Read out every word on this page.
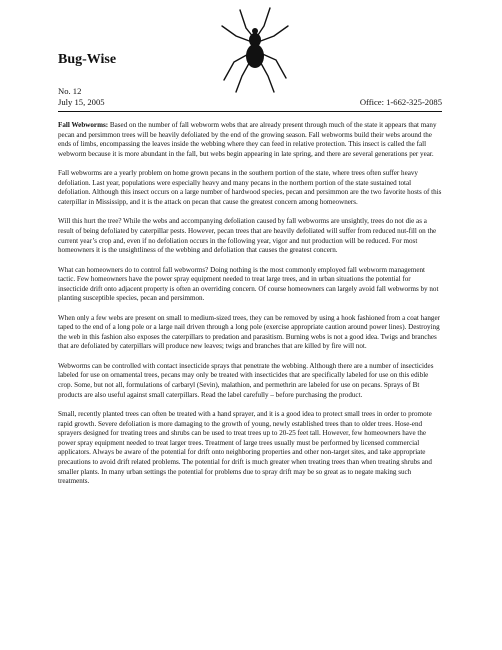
Bug-Wise
No. 12
July 15, 2005	Office: 1-662-325-2085

Fall Webworms: Based on the number of fall webworm webs that are already present through much of the state it appears that many pecan and persimmon trees will be heavily defoliated by the end of the growing season. Fall webworms build their webs around the ends of limbs, encompassing the leaves inside the webbing where they can feed in relative protection. This insect is called the fall webworm because it is more abundant in the fall, but webs begin appearing in late spring, and there are several generations per year.

Fall webworms are a yearly problem on home grown pecans in the southern portion of the state, where trees often suffer heavy defoliation. Last year, populations were especially heavy and many pecans in the northern portion of the state sustained total defoliation. Although this insect occurs on a large number of hardwood species, pecan and persimmon are the two favorite hosts of this caterpillar in Mississipp, and it is the attack on pecan that cause the greatest concern among homeowners.

Will this hurt the tree? While the webs and accompanying defoliation caused by fall webworms are unsightly, trees do not die as a result of being defoliated by caterpillar pests. However, pecan trees that are heavily defoliated will suffer from reduced nut-fill on the current year’s crop and, even if no defoliation occurs in the following year, vigor and nut production will be reduced. For most homeowners it is the unsightliness of the webbing and defoliation that causes the greatest concern.

What can homeowners do to control fall webworms? Doing nothing is the most commonly employed fall webworm management tactic. Few homeowners have the power spray equipment needed to treat large trees, and in urban situations the potential for insecticide drift onto adjacent property is often an overriding concern. Of course homeowners can largely avoid fall webworms by not planting susceptible species, pecan and persimmon.

When only a few webs are present on small to medium-sized trees, they can be removed by using a hook fashioned from a coat hanger taped to the end of a long pole or a large nail driven through a long pole (exercise appropriate caution around power lines). Destroying the web in this fashion also exposes the caterpillars to predation and parasitism. Burning webs is not a good idea. Twigs and branches that are defoliated by caterpillars will produce new leaves; twigs and branches that are killed by fire will not.

Webworms can be controlled with contact insecticide sprays that penetrate the webbing. Although there are a number of insecticides labeled for use on ornamental trees, pecans may only be treated with insecticides that are specifically labeled for use on this edible crop. Some, but not all, formulations of carbaryl (Sevin), malathion, and permethrin are labeled for use on pecans. Sprays of Bt products are also useful against small caterpillars. Read the label carefully – before purchasing the product.

Small, recently planted trees can often be treated with a hand sprayer, and it is a good idea to protect small trees in order to promote rapid growth. Severe defoliation is more damaging to the growth of young, newly established trees than to older trees. Hose-end sprayers designed for treating trees and shrubs can be used to treat trees up to 20-25 feet tall. However, few homeowners have the power spray equipment needed to treat larger trees. Treatment of large trees usually must be performed by licensed commercial applicators. Always be aware of the potential for drift onto neighboring properties and other non-target sites, and take appropriate precautions to avoid drift related problems. The potential for drift is much greater when treating trees than when treating shrubs and smaller plants. In many urban settings the potential for problems due to spray drift may be so great as to negate making such treatments.
